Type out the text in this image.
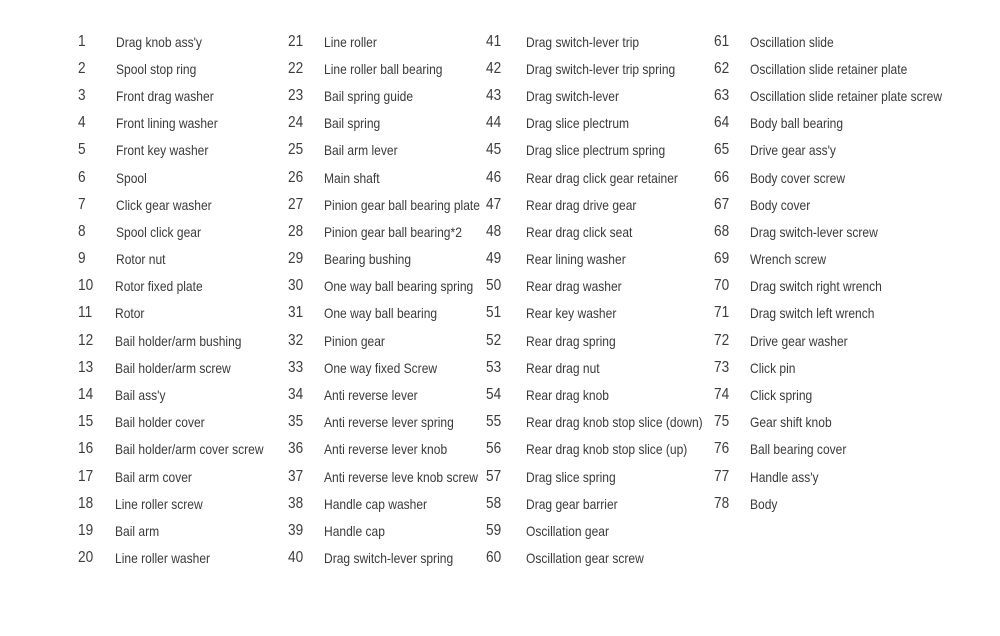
1	Drag knob ass'y
2	Spool stop ring
3	Front drag washer
4	Front lining washer
5	Front key washer
6	Spool
7	Click gear washer
8	Spool click gear
9	Rotor nut
10	Rotor fixed plate
11	Rotor
12	Bail holder/arm bushing
13	Bail holder/arm screw
14	Bail ass'y
15	Bail holder cover
16	Bail holder/arm cover screw
17	Bail arm cover
18	Line roller screw
19	Bail arm
20	Line roller washer
21	Line roller
22	Line roller ball bearing
23	Bail spring guide
24	Bail spring
25	Bail arm lever
26	Main shaft
27	Pinion gear ball bearing plate
28	Pinion gear ball bearing*2
29	Bearing bushing
30	One way ball bearing spring
31	One way ball bearing
32	Pinion gear
33	One way fixed Screw
34	Anti reverse lever
35	Anti reverse lever spring
36	Anti reverse lever knob
37	Anti reverse leve knob screw
38	Handle cap washer
39	Handle cap
40	Drag switch-lever spring
41	Drag switch-lever trip
42	Drag switch-lever trip spring
43	Drag switch-lever
44	Drag slice plectrum
45	Drag slice plectrum spring
46	Rear drag click gear retainer
47	Rear drag drive gear
48	Rear drag click seat
49	Rear lining washer
50	Rear drag washer
51	Rear key washer
52	Rear drag spring
53	Rear drag nut
54	Rear drag knob
55	Rear drag knob stop slice (down)
56	Rear drag knob stop slice (up)
57	Drag slice spring
58	Drag gear barrier
59	Oscillation gear
60	Oscillation gear screw
61	Oscillation slide
62	Oscillation slide retainer plate
63	Oscillation slide retainer plate screw
64	Body ball bearing
65	Drive gear ass'y
66	Body cover screw
67	Body cover
68	Drag switch-lever screw
69	Wrench screw
70	Drag switch right wrench
71	Drag switch left wrench
72	Drive gear washer
73	Click pin
74	Click spring
75	Gear shift knob
76	Ball bearing cover
77	Handle ass'y
78	Body
